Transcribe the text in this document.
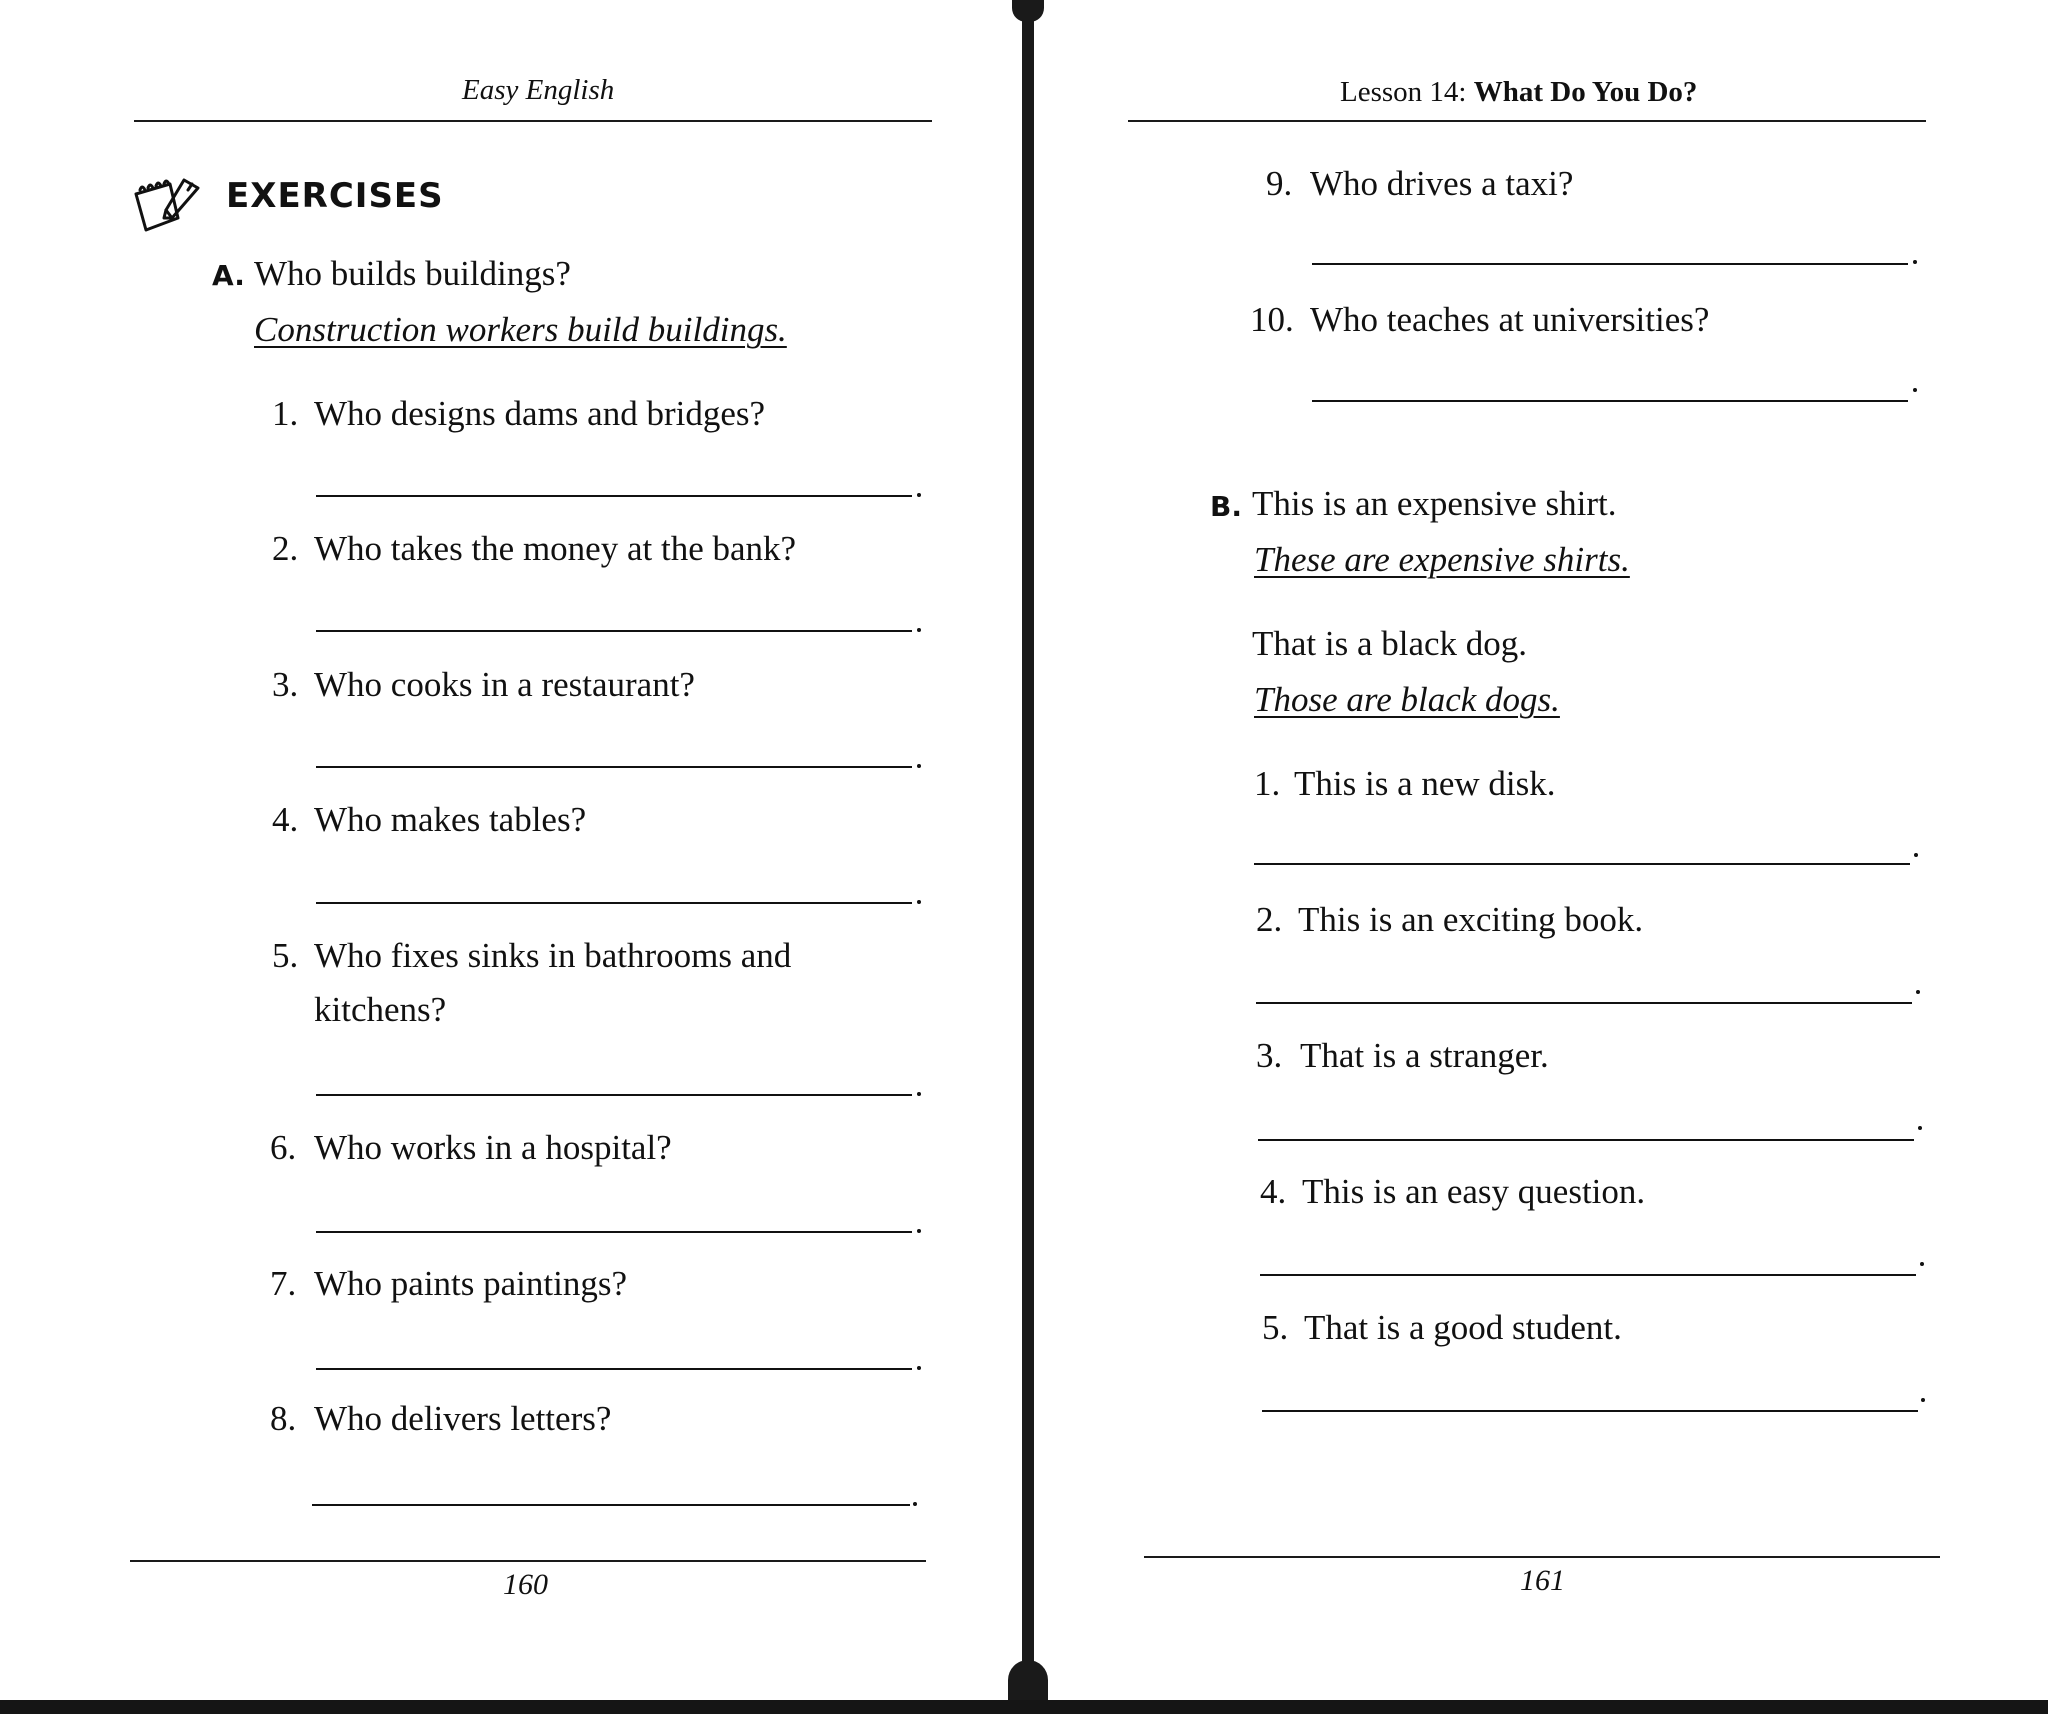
Easy English
EXERCISES
A. Who builds buildings?
Construction workers build buildings.
1. Who designs dams and bridges?
2. Who takes the money at the bank?
3. Who cooks in a restaurant?
4. Who makes tables?
5. Who fixes sinks in bathrooms and
kitchens?
6. Who works in a hospital?
7. Who paints paintings?
8. Who delivers letters?
160
Lesson 14: What Do You Do?
9. Who drives a taxi?
10. Who teaches at universities?
B. This is an expensive shirt.
These are expensive shirts.
That is a black dog.
Those are black dogs.
1. This is a new disk.
2. This is an exciting book.
3. That is a stranger.
4. This is an easy question.
5. That is a good student.
161
